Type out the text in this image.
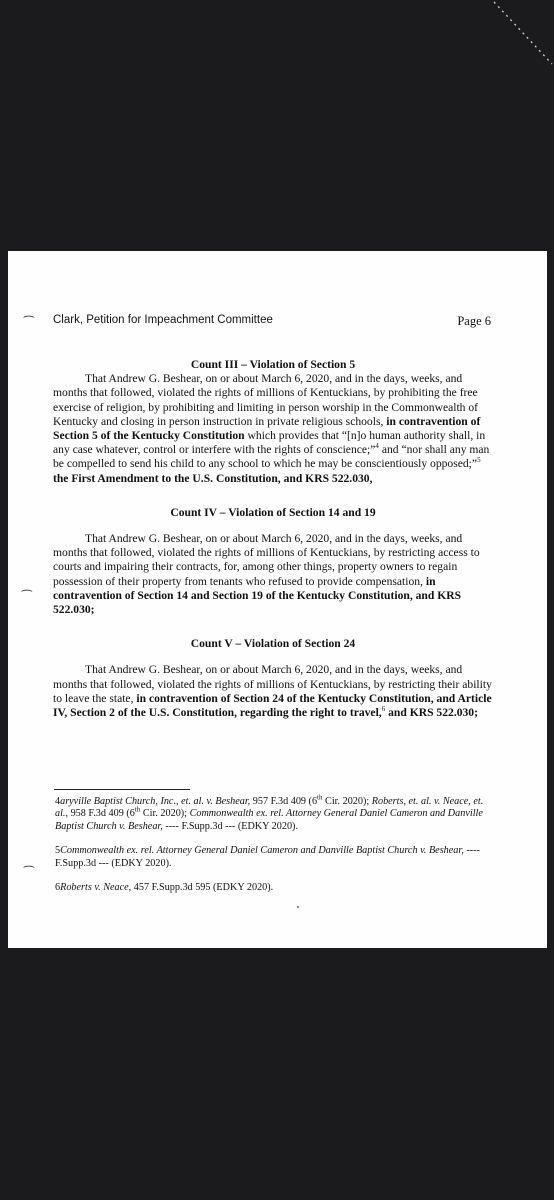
⁀
⁀
⁀
Clark, Petition for Impeachment Committee	Page 6
Count III – Violation of Section 5

That Andrew G. Beshear, on or about March 6, 2020, and in the days, weeks, and months that followed, violated the rights of millions of Kentuckians, by prohibiting the free exercise of religion, by prohibiting and limiting in person worship in the Commonwealth of Kentucky and closing in person instruction in private religious schools, in contravention of Section 5 of the Kentucky Constitution which provides that “[n]o human authority shall, in any case whatever, control or interfere with the rights of conscience;”$^4$ and “nor shall any man be compelled to send his child to any school to which he may be conscientiously opposed;”$^5$ the First Amendment to the U.S. Constitution, and KRS 522.030,

Count IV – Violation of Section 14 and 19

That Andrew G. Beshear, on or about March 6, 2020, and in the days, weeks, and months that followed, violated the rights of millions of Kentuckians, by restricting access to courts and impairing their contracts, for, among other things, property owners to regain possession of their property from tenants who refused to provide compensation, in contravention of Section 14 and Section 19 of the Kentucky Constitution, and KRS 522.030;

Count V – Violation of Section 24

That Andrew G. Beshear, on or about March 6, 2020, and in the days, weeks, and months that followed, violated the rights of millions of Kentuckians, by restricting their ability to leave the state, in contravention of Section 24 of the Kentucky Constitution, and Article IV, Section 2 of the U.S. Constitution, regarding the right to travel,$^6$ and KRS 522.030;

4aryville Baptist Church, Inc., et. al. v. Beshear, 957 F.3d 409 (6th Cir. 2020); Roberts, et. al. v. Neace, et. al., 958 F.3d 409 (6th Cir. 2020); Commonwealth ex. rel. Attorney General Daniel Cameron and Danville Baptist Church v. Beshear, ---- F.Supp.3d --- (EDKY 2020).

5Commonwealth ex. rel. Attorney General Daniel Cameron and Danville Baptist Church v. Beshear, ---- F.Supp.3d --- (EDKY 2020).

6Roberts v. Neace, 457 F.Supp.3d 595 (EDKY 2020).
